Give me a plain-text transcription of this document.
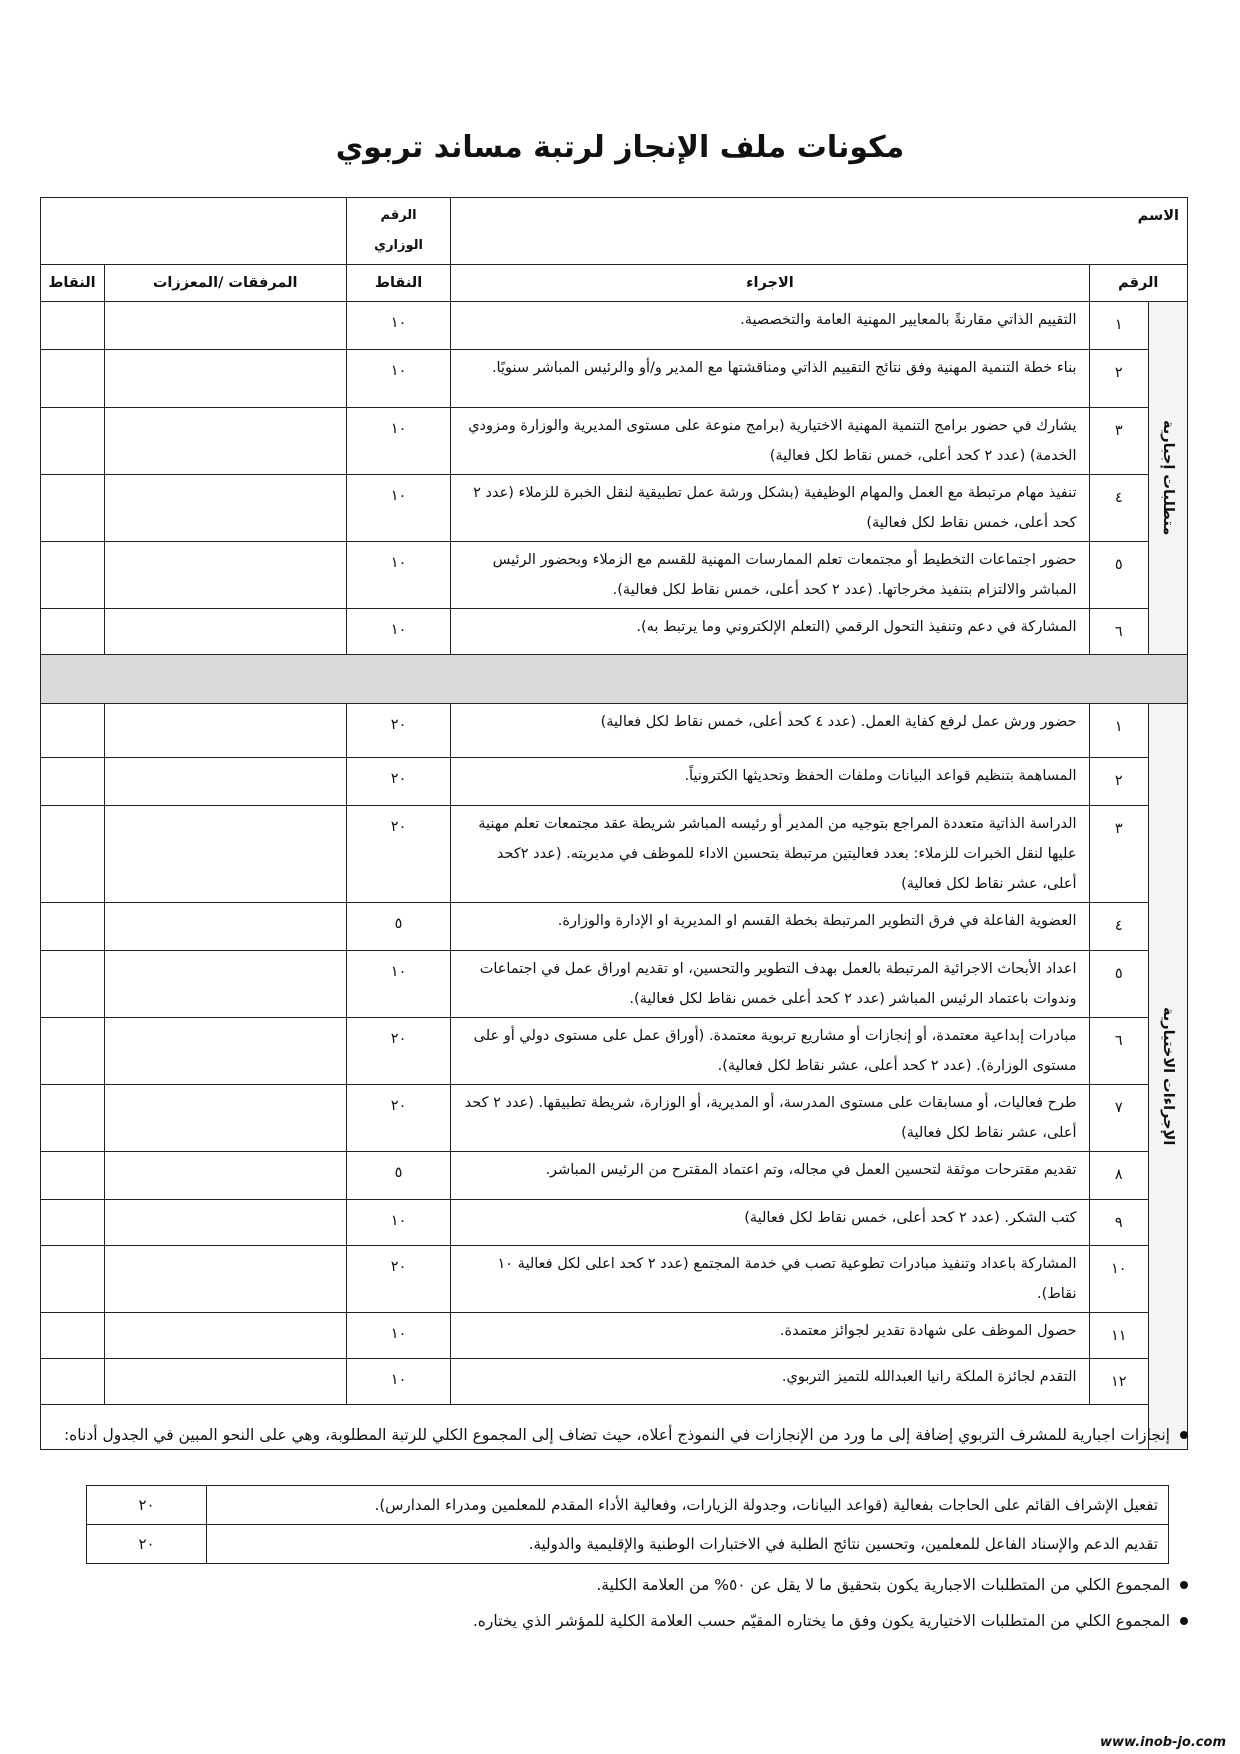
مكونات ملف الإنجاز لرتبة مساند تربوي
الاسم			الرقم الوزاري		
الرقم		الاجراء	النقاط	المرفقات /المعززات	النقاط
متطلبات إجبارية	١	التقييم الذاتي مقارنةً بالمعايير المهنية العامة والتخصصية.	١٠		
	٢	بناء خطة التنمية المهنية وفق نتائج التقييم الذاتي ومناقشتها مع المدير و/أو والرئيس المباشر سنويًا.	١٠		
	٣	يشارك في حضور برامج التنمية المهنية الاختيارية (برامج منوعة على مستوى المديرية والوزارة ومزودي الخدمة) (عدد ٢ كحد أعلى، خمس نقاط لكل فعالية)	١٠		
	٤	تنفيذ مهام مرتبطة مع العمل والمهام الوظيفية (بشكل ورشة عمل تطبيقية لنقل الخبرة للزملاء (عدد ٢ كحد أعلى، خمس نقاط لكل فعالية)	١٠		
	٥	حضور اجتماعات التخطيط أو مجتمعات تعلم الممارسات المهنية للقسم مع الزملاء وبحضور الرئيس المباشر والالتزام بتنفيذ مخرجاتها. (عدد ٢ كحد أعلى، خمس نقاط لكل فعالية).	١٠		
	٦	المشاركة في دعم وتنفيذ التحول الرقمي (التعلم الإلكتروني وما يرتبط به).	١٠		

الإجراءات الاختيارية	١	حضور ورش عمل لرفع كفاية العمل. (عدد ٤ كحد أعلى، خمس نقاط لكل فعالية)	٢٠		
	٢	المساهمة بتنظيم قواعد البيانات وملفات الحفظ وتحديثها الكترونياً.	٢٠		
	٣	الدراسة الذاتية متعددة المراجع بتوجيه من المدير أو رئيسه المباشر شريطة عقد مجتمعات تعلم مهنية عليها لنقل الخبرات للزملاء: بعدد فعاليتين مرتبطة بتحسين الاداء للموظف في مديريته. (عدد ٢كحد أعلى، عشر نقاط لكل فعالية)	٢٠		
	٤	العضوية الفاعلة في فرق التطوير المرتبطة بخطة القسم او المديرية او الإدارة والوزارة.	٥		
	٥	اعداد الأبحاث الاجرائية المرتبطة بالعمل بهدف التطوير والتحسين، او تقديم اوراق عمل في اجتماعات وندوات باعتماد الرئيس المباشر (عدد ٢ كحد أعلى خمس نقاط لكل فعالية).	١٠		
	٦	مبادرات إبداعية معتمدة، أو إنجازات أو مشاريع تربوية معتمدة. (أوراق عمل على مستوى دولي أو على مستوى الوزارة). (عدد ٢ كحد أعلى، عشر نقاط لكل فعالية).	٢٠		
	٧	طرح فعاليات، أو مسابقات على مستوى المدرسة، أو المديرية، أو الوزارة، شريطة تطبيقها. (عدد ٢ كحد أعلى، عشر نقاط لكل فعالية)	٢٠		
	٨	تقديم مقترحات موثقة لتحسين العمل في مجاله، وتم اعتماد المقترح من الرئيس المباشر.	٥		
	٩	كتب الشكر. (عدد ٢ كحد أعلى، خمس نقاط لكل فعالية)	١٠		
	١٠	المشاركة باعداد وتنفيذ مبادرات تطوعية تصب في خدمة المجتمع (عدد ٢ كحد اعلى لكل فعالية ١٠ نقاط).	٢٠		
	١١	حصول الموظف على شهادة تقدير لجوائز معتمدة.	١٠		
	١٢	التقدم لجائزة الملكة رانيا العبدالله للتميز التربوي.	١٠		

إنجازات اجبارية للمشرف التربوي إضافة إلى ما ورد من الإنجازات في النموذج أعلاه، حيث تضاف إلى المجموع الكلي للرتبة المطلوبة، وهي على النحو المبين في الجدول أدناه:
تفعيل الإشراف القائم على الحاجات بفعالية (قواعد البيانات، وجدولة الزيارات، وفعالية الأداء المقدم للمعلمين ومدراء المدارس).	٢٠
تقديم الدعم والإسناد الفاعل للمعلمين، وتحسين نتائج الطلبة في الاختبارات الوطنية والإقليمية والدولية.	٢٠
المجموع الكلي من المتطلبات الاجبارية يكون بتحقيق ما لا يقل عن ٥٠% من العلامة الكلية.
المجموع الكلي من المتطلبات الاختيارية يكون وفق ما يختاره المقيّم حسب العلامة الكلية للمؤشر الذي يختاره.
www.inob-jo.com
